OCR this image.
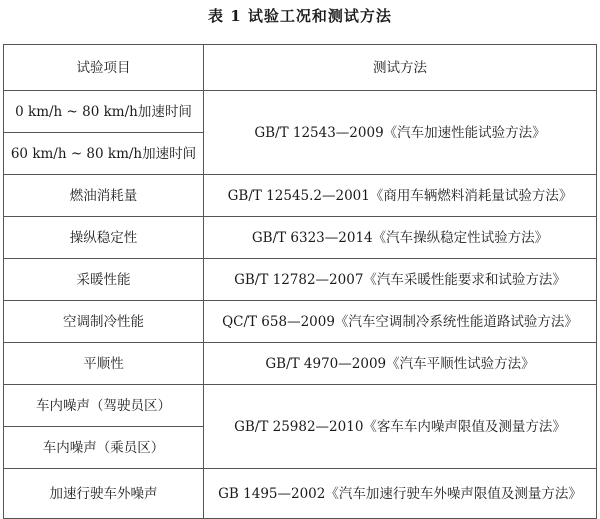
表 1 试验工况和测试方法
试验项目	测试方法
0 km/h ~ 80 km/h加速时间	GB/T 12543—2009《汽车加速性能试验方法》
60 km/h ~ 80 km/h加速时间	
燃油消耗量	GB/T 12545.2—2001《商用车辆燃料消耗量试验方法》
操纵稳定性	GB/T 6323—2014《汽车操纵稳定性试验方法》
采暖性能	GB/T 12782—2007《汽车采暖性能要求和试验方法》
空调制冷性能	QC/T 658—2009《汽车空调制冷系统性能道路试验方法》
平顺性	GB/T 4970—2009《汽车平顺性试验方法》
车内噪声（驾驶员区）	GB/T 25982—2010《客车车内噪声限值及测量方法》
车内噪声（乘员区）	
加速行驶车外噪声	GB 1495—2002《汽车加速行驶车外噪声限值及测量方法》
